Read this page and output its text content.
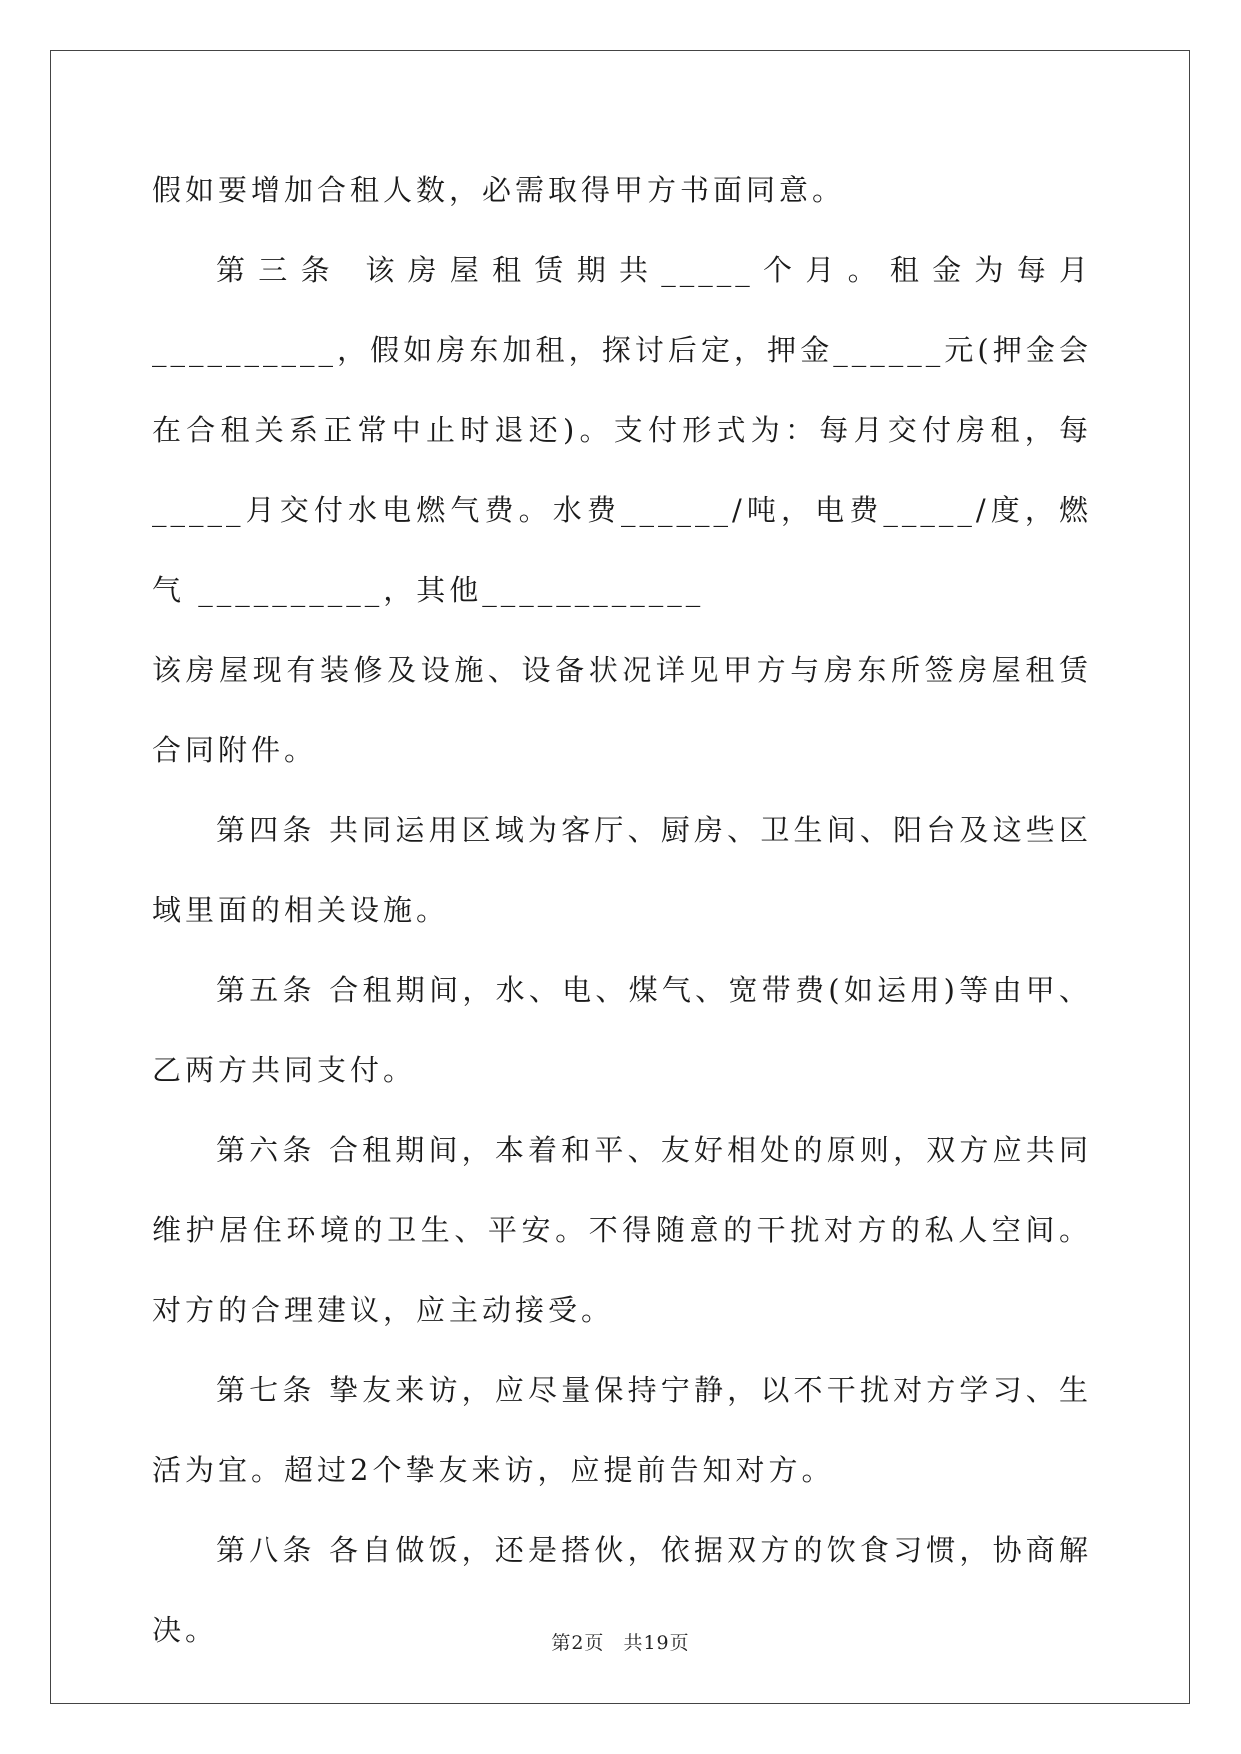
假如要增加合租人数，必需取得甲方书面同意。

第三条 该房屋租赁期共_____个月。租金为每月__________，假如房东加租，探讨后定，押金______元(押金会在合租关系正常中止时退还)。支付形式为：每月交付房租，每_____月交付水电燃气费。水费______/吨，电费_____/度，燃气 __________，其他____________

该房屋现有装修及设施、设备状况详见甲方与房东所签房屋租赁合同附件。

第四条 共同运用区域为客厅、厨房、卫生间、阳台及这些区域里面的相关设施。

第五条 合租期间，水、电、煤气、宽带费(如运用)等由甲、乙两方共同支付。

第六条 合租期间，本着和平、友好相处的原则，双方应共同维护居住环境的卫生、平安。不得随意的干扰对方的私人空间。对方的合理建议，应主动接受。

第七条 挚友来访，应尽量保持宁静，以不干扰对方学习、生活为宜。超过2个挚友来访，应提前告知对方。

第八条 各自做饭，还是搭伙，依据双方的饮食习惯，协商解决。	第2页 共19页
